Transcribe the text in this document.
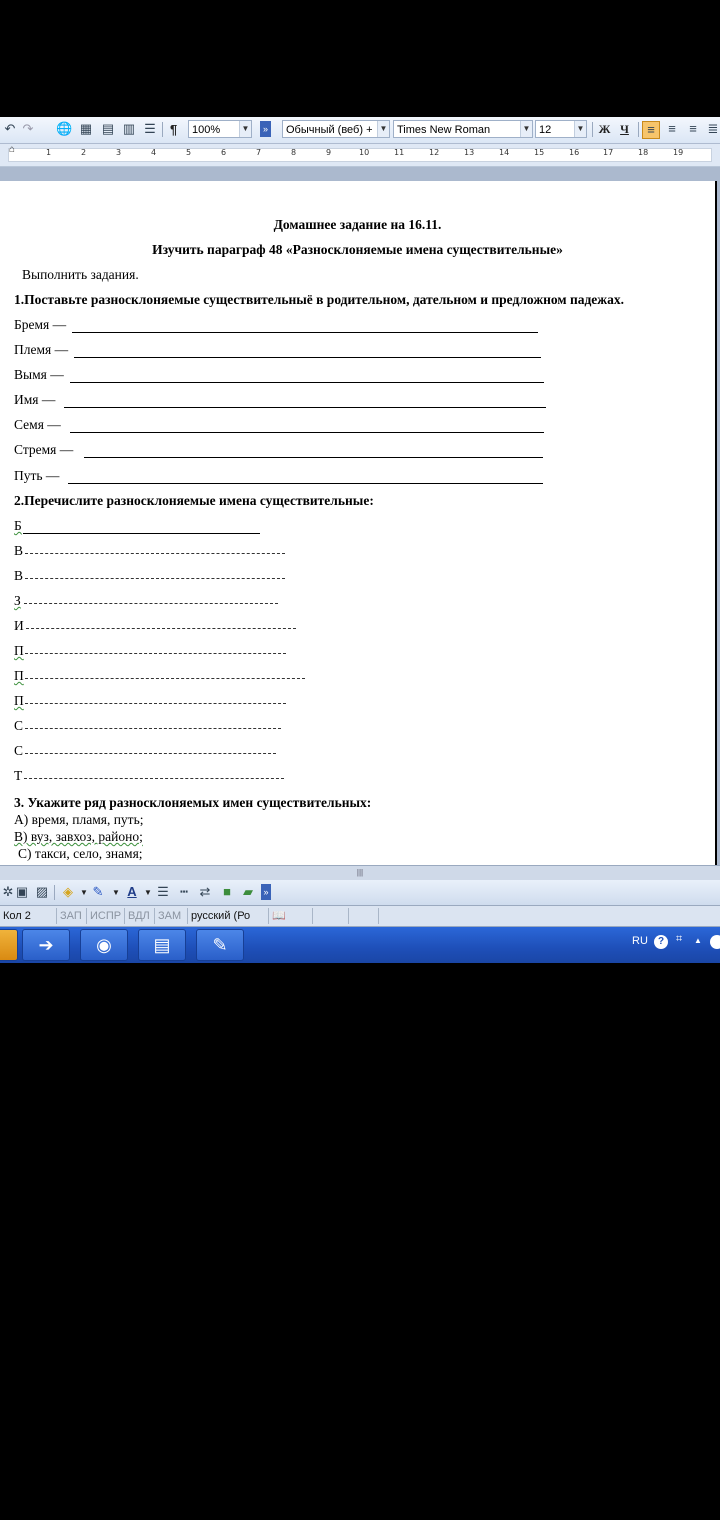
↶ ↷ 🌐 ▦ ▤ ▥ ☰ ¶	100%	▼	»	Обычный (веб) + ▼ Times New Roman	▼ 12	▼ Ж Ч	≡	≡	≡ ≣
⌂	1	2	3	4	5	6	7	8	9	10	11	12	13	14	15	16	17	18	19
Домашнее задание на 16.11.
Изучить параграф 48 «Разносклоняемые имена существительные»
Выполнить задания.
1.Поставьте разносклоняемые существительныё в родительном, дательном и предложном падежах.
Бремя —
Племя —
Вымя —
Имя —
Семя —
Стремя —
Путь —
2.Перечислите разносклоняемые имена существительные:
Б
В
В
З
И
П
П
П
С
С
Т
3. Укажите ряд разносклоняемых имен существительных:
А) время, пламя, путь;
В) вуз, завхоз, районо;
С) такси, село, знамя;
|||
✲ ▣ ▨ ◈ ▼ ✎	▼ A ▼ ☰ ┅ ⇄ ■ ▰	»
Кол 2	ЗАП ИСПР ВДЛ ЗАМ русский (Ро	📖
➔	◉	▤	✎	RU	?	⌗ ▲
